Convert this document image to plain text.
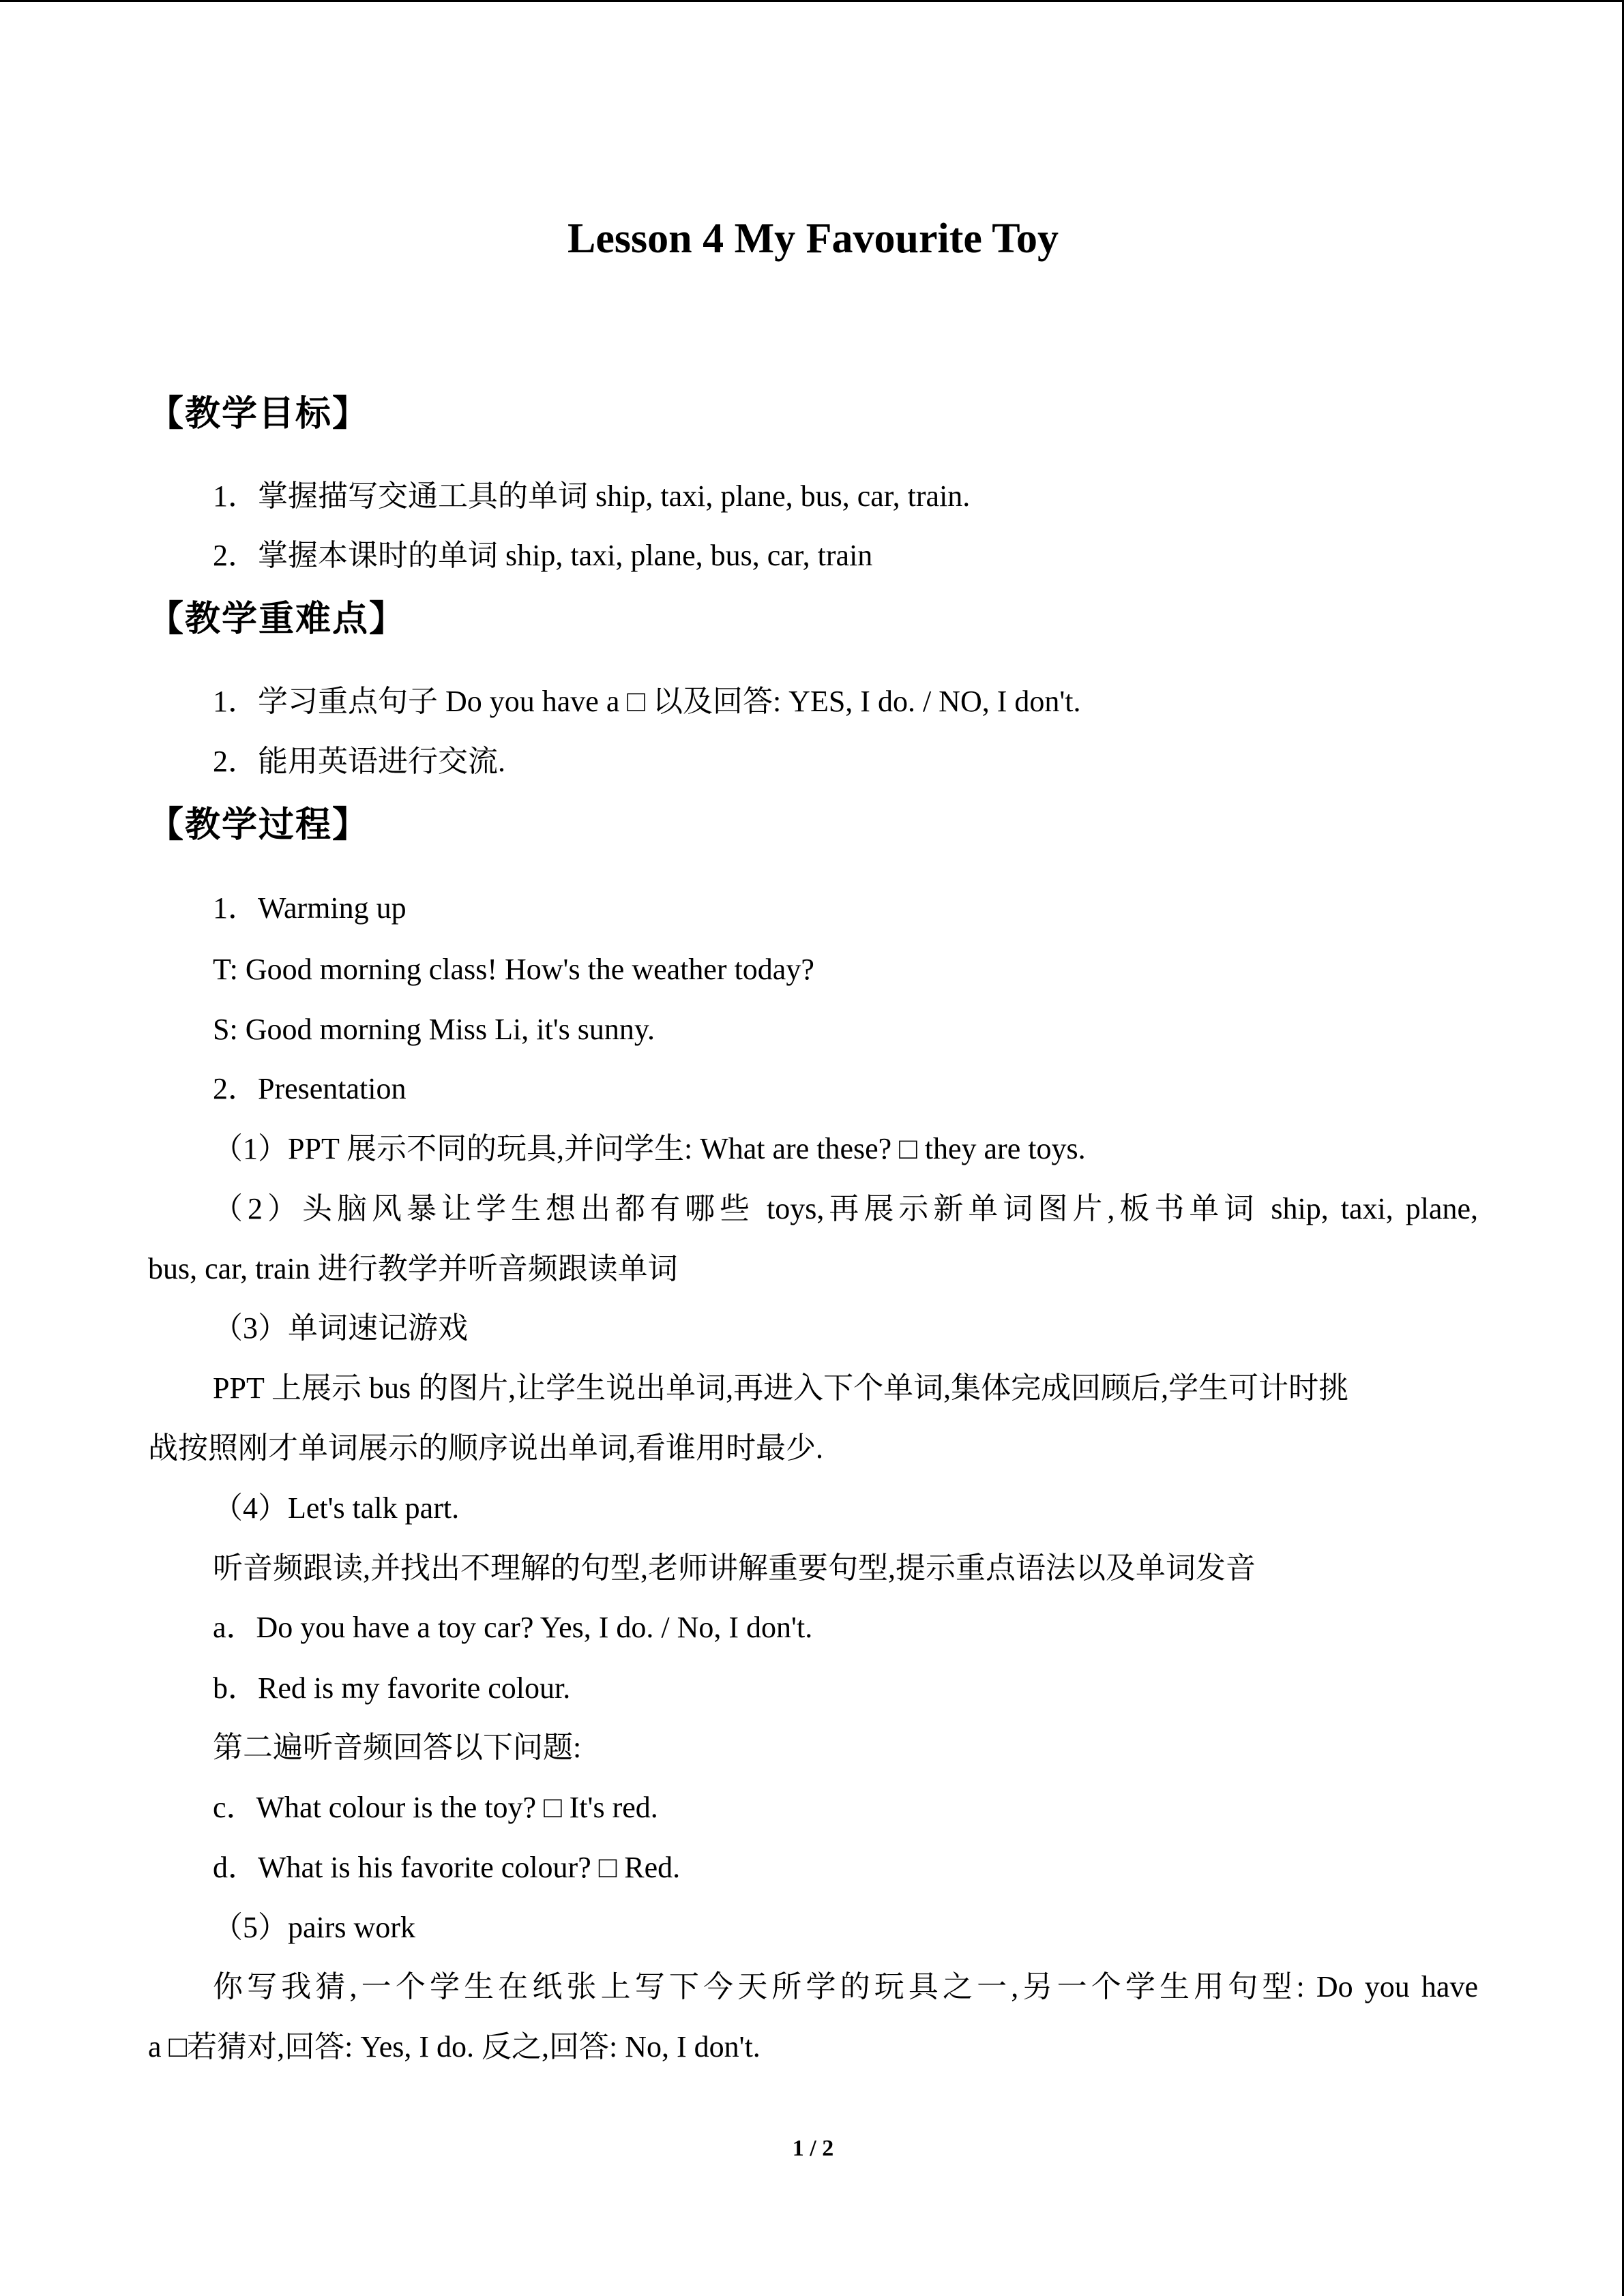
Lesson 4 My Favourite Toy
【教学目标】
1．掌握描写交通工具的单词 ship, taxi, plane, bus, car, train.
2．掌握本课时的单词 ship, taxi, plane, bus, car, train
【教学重难点】
1．学习重点句子 Do you have a □ 以及回答: YES, I do. / NO, I don't.
2．能用英语进行交流.
【教学过程】
1．Warming up
T: Good morning class! How's the weather today?
S: Good morning Miss Li, it's sunny.
2．Presentation
（1）PPT 展示不同的玩具,并问学生: What are these? □ they are toys.
（2）头脑风暴让学生想出都有哪些 toys,再展示新单词图片,板书单词 ship, taxi, plane,
bus, car, train 进行教学并听音频跟读单词
（3）单词速记游戏
PPT 上展示 bus 的图片,让学生说出单词,再进入下个单词,集体完成回顾后,学生可计时挑
战按照刚才单词展示的顺序说出单词,看谁用时最少.
（4）Let's talk part.
听音频跟读,并找出不理解的句型,老师讲解重要句型,提示重点语法以及单词发音
a．Do you have a toy car? Yes, I do. / No, I don't.
b．Red is my favorite colour.
第二遍听音频回答以下问题:
c．What colour is the toy? □ It's red.
d．What is his favorite colour? □ Red.
（5）pairs work
你写我猜,一个学生在纸张上写下今天所学的玩具之一,另一个学生用句型: Do you have
a □若猜对,回答: Yes, I do. 反之,回答: No, I don't.
1 / 2
